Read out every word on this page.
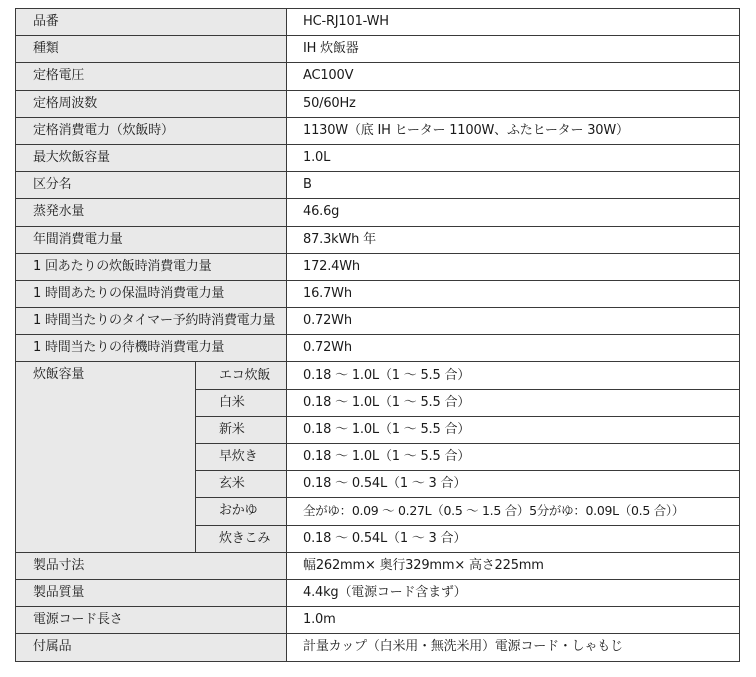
品番		HC-RJ101-WH
種類		IH 炊飯器
定格電圧		AC100V
定格周波数		50/60Hz
定格消費電力（炊飯時）		1130W（底 IH ヒーター 1100W、ふたヒーター 30W）
最大炊飯容量		1.0L
区分名		B
蒸発水量		46.6g
年間消費電力量		87.3kWh 年
1 回あたりの炊飯時消費電力量		172.4Wh
1 時間あたりの保温時消費電力量		16.7Wh
1 時間当たりのタイマー予約時消費電力量		0.72Wh
1 時間当たりの待機時消費電力量		0.72Wh
炊飯容量	エコ炊飯	0.18 ～ 1.0L（1 ～ 5.5 合）
	白米	0.18 ～ 1.0L（1 ～ 5.5 合）
	新米	0.18 ～ 1.0L（1 ～ 5.5 合）
	早炊き	0.18 ～ 1.0L（1 ～ 5.5 合）
	玄米	0.18 ～ 0.54L（1 ～ 3 合）
	おかゆ	全がゆ：0.09 ～ 0.27L（0.5 ～ 1.5 合）5分がゆ：0.09L（0.5 合））
	炊きこみ	0.18 ～ 0.54L（1 ～ 3 合）
製品寸法		幅262mm× 奥行329mm× 高さ225mm
製品質量		4.4kg（電源コード含まず）
電源コード長さ		1.0m
付属品		計量カップ（白米用・無洗米用）電源コード・しゃもじ
